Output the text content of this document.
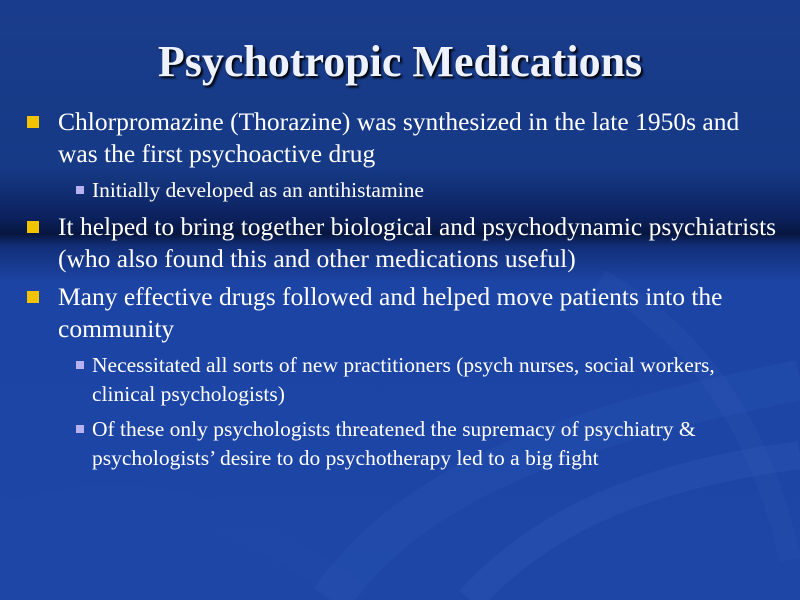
Psychotropic Medications
Chlorpromazine (Thorazine) was synthesized in the late 1950s and was the first psychoactive drug
Initially developed as an antihistamine
It helped to bring together biological and psychodynamic psychiatrists (who also found this and other medications useful)
Many effective drugs followed and helped move patients into the community
Necessitated all sorts of new practitioners (psych nurses, social workers, clinical psychologists)
Of these only psychologists threatened the supremacy of psychiatry & psychologists’ desire to do psychotherapy led to a big fight
